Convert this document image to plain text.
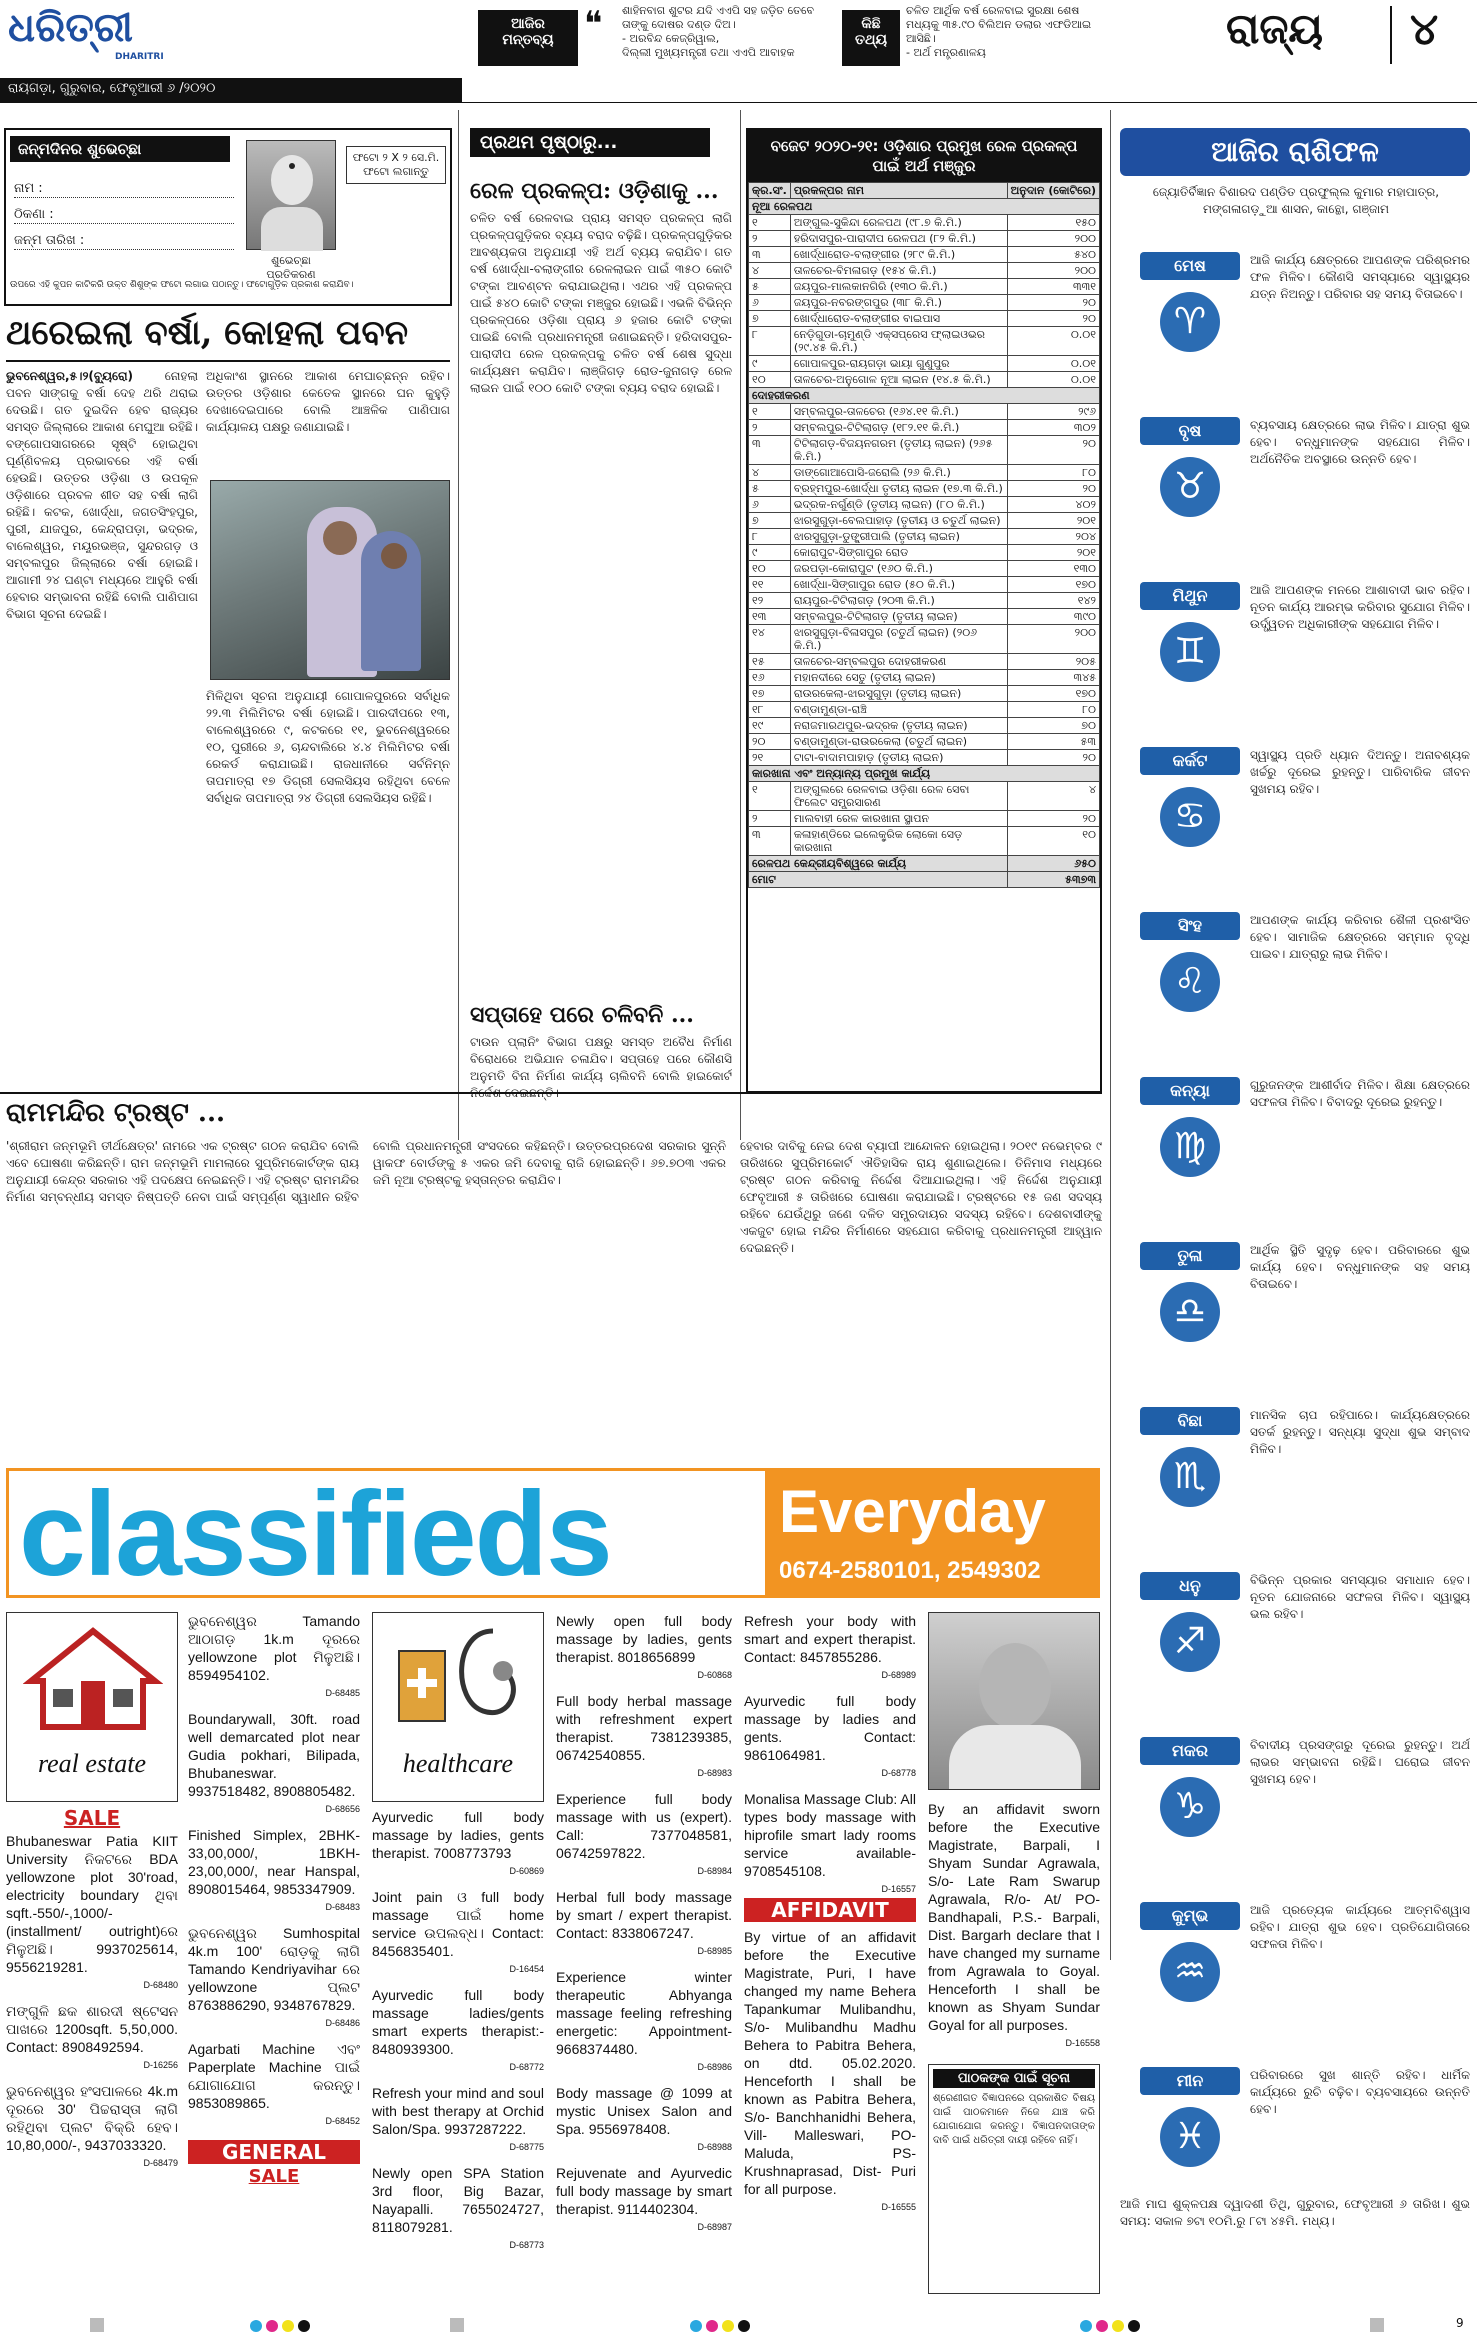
ଧରିତ୍ରୀ
DHARITRI
ଆଜିର ମନ୍ତବ୍ୟ ❝ ଶାହିନବାଗ ଶୁଟର ଯଦି ଏଏପି ସହ ଜଡ଼ିତ ତେବେ ତାଙ୍କୁ ଦୋଷର ଦଣ୍ଡ ଦିଅ।
- ଅରବିନ୍ଦ କେଜ୍ରିୱାଲ,
ଦିଲ୍ଲୀ ମୁଖ୍ୟମନ୍ତ୍ରୀ ତଥା ଏଏପି ଆବାହକ
କିଛି ତଥ୍ୟ
ଚଳିତ ଆର୍ଥିକ ବର୍ଷ ରେଳବାଇ ସୁରକ୍ଷା ଶେଷ ମଧ୍ୟକୁ ୩୫.୯୦ ବିଲିଅନ ଡଲାର ଏଫଡିଆଇ ଆସିଛି।
- ଅର୍ଥ ମନ୍ତ୍ରଣାଳୟ	ରାଜ୍ୟ ୪
ରାୟଗଡ଼ା, ଗୁରୁବାର, ଫେବୃଆରୀ ୬ /୨୦୨୦
ଜନ୍ମଦିନର ଶୁଭେଚ୍ଛା
ନାମ :
ଠିକଣା :
ଜନ୍ମ ତାରିଖ :
ଶୁଭେଚ୍ଛା ପ୍ରତିକରଣ
ଫଟୋ ୨ X ୨ ସେ.ମି. ଫଟୋ ଲଗାନ୍ତୁ
ଉପରେ ଏହି କୁପନ କାଟିକରି ଉକ୍ତ ଶିଶୁଙ୍କ ଫଟୋ ଲଗାଇ ପଠାନ୍ତୁ। ଫଟୋଗୁଡ଼ିକ ପ୍ରକାଶ କରାଯିବ।
ଥରେଇଲା ବର୍ଷା, କୋହଲା ପବନ
ଭୁବନେଶ୍ୱର,୫।୨(ବ୍ୟୁରୋ)	ନୋହଲା ପବନ ସାଙ୍ଗକୁ ବର୍ଷା ଦେହ ଥରି ଥରାଇ ଦେଉଛି। ଗତ ଦୁଇଦିନ ହେବ ରାଜ୍ୟର ସମସ୍ତ ଜିଲ୍ଲାରେ ଆକାଶ ମେଘୁଆ ରହିଛି। ବଙ୍ଗୋପସାଗରରେ ସୃଷ୍ଟି ହୋଇଥିବା ଘୂର୍ଣ୍ଣିବଳୟ ପ୍ରଭାବରେ ଏହି ବର୍ଷା ହେଉଛି। ଉତ୍ତର ଓଡ଼ିଶା ଓ ଉପକୂଳ ଓଡ଼ିଶାରେ ପ୍ରବଳ ଶୀତ ସହ ବର୍ଷା ଲାଗି ରହିଛି। କଟକ, ଖୋର୍ଦ୍ଧା, ଜଗତସିଂହପୁର, ପୁରୀ, ଯାଜପୁର, କେନ୍ଦ୍ରାପଡ଼ା, ଭଦ୍ରକ, ବାଲେଶ୍ୱର, ମୟୂରଭଞ୍ଜ, ସୁନ୍ଦରଗଡ଼ ଓ ସମ୍ବଲପୁର ଜିଲ୍ଲାରେ ବର୍ଷା ହୋଇଛି। ଆଗାମୀ ୨୪ ଘଣ୍ଟା ମଧ୍ୟରେ ଆହୁରି ବର୍ଷା ହେବାର ସମ୍ଭାବନା ରହିଛି ବୋଲି ପାଣିପାଗ ବିଭାଗ ସୂଚନା ଦେଇଛି।
ଅଧିକାଂଶ ସ୍ଥାନରେ ଆକାଶ ମେଘାଚ୍ଛନ୍ନ ରହିବ। ଉତ୍ତର ଓଡ଼ିଶାର କେତେକ ସ୍ଥାନରେ ଘନ କୁହୁଡ଼ି ଦେଖାଦେଇପାରେ ବୋଲି ଆଞ୍ଚଳିକ ପାଣିପାଗ କାର୍ଯ୍ୟାଳୟ ପକ୍ଷରୁ ଜଣାଯାଇଛି।
ମିଳିଥିବା ସୂଚନା ଅନୁଯାୟୀ ଗୋପାଳପୁରରେ ସର୍ବାଧିକ ୨୨.୩ ମିଲିମିଟର ବର୍ଷା ହୋଇଛି। ପାରଦୀପରେ ୧୩, ବାଲେଶ୍ୱରରେ ୯, କଟକରେ ୧୧, ଭୁବନେଶ୍ୱରରେ ୧୦, ପୁରୀରେ ୬, ଚାନ୍ଦବାଲିରେ ୪.୪ ମିଲିମିଟର ବର୍ଷା ରେକର୍ଡ କରାଯାଇଛି। ରାଜଧାନୀରେ ସର୍ବନିମ୍ନ ତାପମାତ୍ରା ୧୭ ଡିଗ୍ରୀ ସେଲସିୟସ ରହିଥିବା ବେଳେ ସର୍ବାଧିକ ତାପମାତ୍ରା ୨୪ ଡିଗ୍ରୀ ସେଲସିୟସ ରହିଛି।
ପ୍ରଥମ ପୃଷ୍ଠାରୁ...
ରେଳ ପ୍ରକଳ୍ପ: ଓଡ଼ିଶାକୁ ...
ଚଳିତ ବର୍ଷ ରେଳବାଇ ପ୍ରାୟ ସମସ୍ତ ପ୍ରକଳ୍ପ ଲାଗି ପ୍ରକଳ୍ପଗୁଡ଼ିକର ବ୍ୟୟ ବରାଦ ବଢ଼ିଛି। ପ୍ରକଳ୍ପଗୁଡ଼ିକର ଆବଶ୍ୟକତା ଅନୁଯାୟୀ ଏହି ଅର୍ଥ ବ୍ୟୟ କରାଯିବ। ଗତ ବର୍ଷ ଖୋର୍ଦ୍ଧା-ବଲାଙ୍ଗୀର ରେଳଲାଇନ ପାଇଁ ୩୫୦ କୋଟି ଟଙ୍କା ଆବଣ୍ଟନ କରାଯାଇଥିଲା। ଏଥର ଏହି ପ୍ରକଳ୍ପ ପାଇଁ ୫୪୦ କୋଟି ଟଙ୍କା ମଞ୍ଜୁର ହୋଇଛି। ଏଭଳି ବିଭିନ୍ନ ପ୍ରକଳ୍ପରେ ଓଡ଼ିଶା ପ୍ରାୟ ୬ ହଜାର କୋଟି ଟଙ୍କା ପାଇଛି ବୋଲି ପ୍ରଧାନମନ୍ତ୍ରୀ ଜଣାଇଛନ୍ତି। ହରିଦାସପୁର-ପାରାଦୀପ ରେଳ ପ୍ରକଳ୍ପକୁ ଚଳିତ ବର୍ଷ ଶେଷ ସୁଦ୍ଧା କାର୍ଯ୍ୟକ୍ଷମ କରାଯିବ। ଲାଞ୍ଜିଗଡ଼ ରୋଡ-ଜୁନାଗଡ଼ ରେଳ ଲାଇନ ପାଇଁ ୧୦୦ କୋଟି ଟଙ୍କା ବ୍ୟୟ ବରାଦ ହୋଇଛି।
ସପ୍ତାହେ ପରେ ଚଳିବନି ...
ଟାଉନ ପ୍ଲାନିଂ ବିଭାଗ ପକ୍ଷରୁ ସମସ୍ତ ଅବୈଧ ନିର୍ମାଣ ବିରୋଧରେ ଅଭିଯାନ ଚଳାଯିବ। ସପ୍ତାହେ ପରେ କୌଣସି ଅନୁମତି ବିନା ନିର୍ମାଣ କାର୍ଯ୍ୟ ଚାଲିବନି ବୋଲି ହାଇକୋର୍ଟ
ବଜେଟ ୨୦୨୦-୨୧: ଓଡ଼ିଶାର ପ୍ରମୁଖ ରେଳ ପ୍ରକଳ୍ପ ପାଇଁ ଅର୍ଥ ମଞ୍ଜୁର
କ୍ର.ସଂ.	ପ୍ରକଳ୍ପର ନାମ	ଅନୁଦାନ (କୋଟିରେ)
ନୂଆ ରେଳପଥ		
୧	ଅଙ୍ଗୁଲ-ସୁକିନ୍ଦା ରେଳପଥ (୯୮.୭ କି.ମି.)	୧୫୦
୨	ହରିଦାସପୁର-ପାରାଦୀପ ରେଳପଥ (୮୨ କି.ମି.)	୨୦୦
୩	ଖୋର୍ଦ୍ଧାରୋଡ-ବଲାଙ୍ଗୀର (୨୮୯ କି.ମି.)	୫୪୦
୪	ତାଳଚେର-ବିମଳାଗଡ଼ (୧୫୪ କି.ମି.)	୨୦୦
୫	ଜୟପୁର-ମାଲକାନଗିରି (୧୩୦ କି.ମି.)	୩୩୧
୬	ଜୟପୁର-ନବରଙ୍ଗପୁର (୩୮ କି.ମି.)	୨୦
୭	ଖୋର୍ଦ୍ଧାରୋଡ-ବଲାଙ୍ଗୀର ବାଇପାସ	୨୦
୮	ନେଡ଼ିଗୁଡା-ଚାମୁଣ୍ଡି ଏକ୍ସପ୍ରେସ ଫ୍ଲାଇଓଭର (୨୯.୪୫ କି.ମି.)	୦.୦୧
୯	ଗୋପାଳପୁର-ରାୟଗଡ଼ା ଭାୟା ଗୁଣୁପୁର	୦.୦୧
୧୦	ତାଳଚେର-ଅନୁଗୋଳ ନୂଆ ଲାଇନ (୧୪.୫ କି.ମି.)	୦.୦୧
ଦୋହରୀକରଣ		
୧	ସମ୍ବଲପୁର-ତାଳଚେର (୧୬୪.୧୧ କି.ମି.)	୨୯୬
୨	ସମ୍ବଲପୁର-ଟିଟିଲାଗଡ଼ (୧୮୨.୧୧ କି.ମି.)	୩୦୨
୩	ଟିଟିଲାଗଡ଼-ବିଜୟନଗରମ (ତୃତୀୟ ଲାଇନ) (୨୬୫ କି.ମି.)	୨୦
୪	ଡାଙ୍ଗୋଆପୋସି-ଜରୋଲି (୨୬ କି.ମି.)	୮୦
୫	ବ୍ରହ୍ମପୁର-ଖୋର୍ଦ୍ଧା ତୃତୀୟ ଲାଇନ (୧୭.୩ କି.ମି.)	୨୦
୬	ଭଦ୍ରକ-ନର୍ଗୁଣ୍ଡି (ତୃତୀୟ ଲାଇନ) (୮୦ କି.ମି.)	୪୦୨
୭	ଝାରସୁଗୁଡ଼ା-ବେଲପାହାଡ଼ (ତୃତୀୟ ଓ ଚତୁର୍ଥ ଲାଇନ)	୨୦୧
୮	ଝାରସୁଗୁଡ଼ା-ଡୁଙ୍ଗ୍ରୀପାଲି (ତୃତୀୟ ଲାଇନ)	୨୦୪
୯	କୋରାପୁଟ-ସିଙ୍ଗାପୁର ରୋଡ	୨୦୧
୧୦	ଜରପଡ଼ା-କୋରାପୁଟ (୧୬୦ କି.ମି.)	୧୩୦
୧୧	ଖୋର୍ଦ୍ଧା-ସିଙ୍ଗାପୁର ରୋଡ (୫୦ କି.ମି.)	୧୭୦
୧୨	ରାୟପୁର-ଟିଟିଲାଗଡ଼ (୨୦୩ କି.ମି.)	୧୪୨
୧୩	ସମ୍ବଲପୁର-ଟିଟିଲାଗଡ଼ (ତୃତୀୟ ଲାଇନ)	୩୯୦
୧୪	ଝାରସୁଗୁଡ଼ା-ବିଳାସପୁର (ଚତୁର୍ଥ ଲାଇନ) (୨୦୬ କି.ମି.)	୨୦୦
୧୫	ତାଳଚେର-ସମ୍ବଲପୁର ଦୋହରୀକରଣ	୨୦୫
୧୬	ମହାନଦୀରେ ସେତୁ (ତୃତୀୟ ଲାଇନ)	୩୪୫
୧୭	ରାଉରକେଲା-ଝାରସୁଗୁଡ଼ା (ତୃତୀୟ ଲାଇନ)	୧୭୦
୧୮	ବଣ୍ଡାମୁଣ୍ଡା-ରାଞ୍ଚି	୮୦
୧୯	ନରାଜମାରଥପୁର-ଭଦ୍ରକ (ତୃତୀୟ ଲାଇନ)	୭୦
୨୦	ବଣ୍ଡାମୁଣ୍ଡା-ରାଉରକେଲା (ଚତୁର୍ଥ ଲାଇନ)	୫୩
୨୧	ଟାଟା-ବାଦାମପାହାଡ଼ (ତୃତୀୟ ଲାଇନ)	୨୦
କାରଖାନା ଏବଂ ଅନ୍ୟାନ୍ୟ ପ୍ରମୁଖ କାର୍ଯ୍ୟ		
୧	ଅଙ୍ଗୁଲରେ ରେଳବାଇ ଓଡ଼ିଶା ରେଳ ସେବା ଫିଲେଟ ସମ୍ପ୍ରସାରଣ	୪
୨	ମାଲବାହୀ ରେଳ କାରଖାନା ସ୍ଥାପନ	୨୦
୩	କଳାହାଣ୍ଡିରେ ଇଲେକ୍ଟ୍ରିକ ଲୋକୋ ସେଡ଼ କାରଖାନା	୧୦
ରେଳପଥ କେନ୍ଦ୍ରୀୟବିଶ୍ୱରେ କାର୍ଯ୍ୟ		୬୫୦
ମୋଟ		୫୩୭୩
ଆଜିର ରାଶିଫଳ
ଜ୍ୟୋତିର୍ବିଜ୍ଞାନ ବିଶାରଦ ପଣ୍ଡିତ ପ୍ରଫୁଲ୍ଲ କୁମାର ମହାପାତ୍ର, ମଙ୍ଗଳାଗଡ଼ୁଆ ଶାସନ, କାନ୍ଥୋ, ଗଞ୍ଜାମ
ମେଷ
♈
ଆଜି କାର୍ଯ୍ୟ କ୍ଷେତ୍ରରେ ଆପଣଙ୍କ ପରିଶ୍ରମର ଫଳ ମିଳିବ। କୌଣସି ସମସ୍ୟାରେ ସ୍ୱାସ୍ଥ୍ୟର ଯତ୍ନ ନିଅନ୍ତୁ। ପରିବାର ସହ ସମୟ ବିତାଇବେ।
ବୃଷ
♉
ବ୍ୟବସାୟ କ୍ଷେତ୍ରରେ ଲାଭ ମିଳିବ। ଯାତ୍ରା ଶୁଭ ହେବ। ବନ୍ଧୁମାନଙ୍କ ସହଯୋଗ ମିଳିବ। ଅର୍ଥନୈତିକ ଅବସ୍ଥାରେ ଉନ୍ନତି ହେବ।
ମିଥୁନ
♊
ଆଜି ଆପଣଙ୍କ ମନରେ ଆଶାବାଦୀ ଭାବ ରହିବ। ନୂତନ କାର୍ଯ୍ୟ ଆରମ୍ଭ କରିବାର ସୁଯୋଗ ମିଳିବ। ଉର୍ଦ୍ଧ୍ୱତନ ଅଧିକାରୀଙ୍କ ସହଯୋଗ ମିଳିବ।
କର୍କଟ
♋
ସ୍ୱାସ୍ଥ୍ୟ ପ୍ରତି ଧ୍ୟାନ ଦିଅନ୍ତୁ। ଅନାବଶ୍ୟକ ଖର୍ଚ୍ଚରୁ ଦୂରେଇ ରୁହନ୍ତୁ। ପାରିବାରିକ ଜୀବନ ସୁଖମୟ ରହିବ।
ସିଂହ
♌
ଆପଣଙ୍କ କାର୍ଯ୍ୟ କରିବାର ଶୈଳୀ ପ୍ରଶଂସିତ ହେବ। ସାମାଜିକ କ୍ଷେତ୍ରରେ ସମ୍ମାନ ବୃଦ୍ଧି ପାଇବ। ଯାତ୍ରାରୁ ଲାଭ ମିଳିବ।
କନ୍ୟା
♍
ଗୁରୁଜନଙ୍କ ଆଶୀର୍ବାଦ ମିଳିବ। ଶିକ୍ଷା କ୍ଷେତ୍ରରେ ସଫଳତା ମିଳିବ। ବିବାଦରୁ ଦୂରେଇ ରୁହନ୍ତୁ।
ତୁଳା
♎
ଆର୍ଥିକ ସ୍ଥିତି ସୁଦୃଢ଼ ହେବ। ପରିବାରରେ ଶୁଭ କାର୍ଯ୍ୟ ହେବ। ବନ୍ଧୁମାନଙ୍କ ସହ ସମୟ ବିତାଇବେ।
ବିଛା
♏
ମାନସିକ ଚାପ ରହିପାରେ। କାର୍ଯ୍ୟକ୍ଷେତ୍ରରେ ସତର୍କ ରୁହନ୍ତୁ। ସନ୍ଧ୍ୟା ସୁଦ୍ଧା ଶୁଭ ସମ୍ବାଦ ମିଳିବ।
ଧନୁ
♐
ବିଭିନ୍ନ ପ୍ରକାର ସମସ୍ୟାର ସମାଧାନ ହେବ। ନୂତନ ଯୋଜନାରେ ସଫଳତା ମିଳିବ। ସ୍ୱାସ୍ଥ୍ୟ ଭଲ ରହିବ।
ମକର
♑
ବିବାଦୀୟ ପ୍ରସଙ୍ଗରୁ ଦୂରେଇ ରୁହନ୍ତୁ। ଅର୍ଥ ଲାଭର ସମ୍ଭାବନା ରହିଛି। ଘରୋଇ ଜୀବନ ସୁଖମୟ ହେବ।
କୁମ୍ଭ
♒
ଆଜି ପ୍ରତ୍ୟେକ କାର୍ଯ୍ୟରେ ଆତ୍ମବିଶ୍ୱାସ ରହିବ। ଯାତ୍ରା ଶୁଭ ହେବ। ପ୍ରତିଯୋଗିତାରେ ସଫଳତା ମିଳିବ।
ମୀନ
♓
ପରିବାରରେ ସୁଖ ଶାନ୍ତି ରହିବ। ଧାର୍ମିକ କାର୍ଯ୍ୟରେ ରୁଚି ବଢ଼ିବ। ବ୍ୟବସାୟରେ ଉନ୍ନତି ହେବ।
ଆଜି ମାଘ ଶୁକ୍ଳପକ୍ଷ ଦ୍ୱାଦଶୀ ତିଥି, ଗୁରୁବାର, ଫେବୃଆରୀ ୬ ତାରିଖ। ଶୁଭ ସମୟ: ସକାଳ ୭ଟା ୧୦ମି.ରୁ ୮ଟା ୪୫ମି. ମଧ୍ୟ।
ରାମମନ୍ଦିର ଟ୍ରଷ୍ଟ ...
'ଶ୍ରୀରାମ ଜନ୍ମଭୂମି ତୀର୍ଥକ୍ଷେତ୍ର' ନାମରେ ଏକ ଟ୍ରଷ୍ଟ ଗଠନ କରାଯିବ ବୋଲି ଏବେ ଘୋଷଣା କରିଛନ୍ତି। ରାମ ଜନ୍ମଭୂମି ମାମଲାରେ ସୁପ୍ରିମକୋର୍ଟଙ୍କ ରାୟ ଅନୁଯାୟୀ କେନ୍ଦ୍ର ସରକାର ଏହି ପଦକ୍ଷେପ ନେଇଛନ୍ତି। ଏହି ଟ୍ରଷ୍ଟ ରାମମନ୍ଦିର ନିର୍ମାଣ ସମ୍ବନ୍ଧୀୟ ସମସ୍ତ ନିଷ୍ପତ୍ତି ନେବା ପାଇଁ ସମ୍ପୂର୍ଣ୍ଣ ସ୍ୱାଧୀନ ରହିବ ବୋଲି ପ୍ରଧାନମନ୍ତ୍ରୀ ସଂସଦରେ କହିଛନ୍ତି। ଉତ୍ତରପ୍ରଦେଶ ସରକାର ସୁନ୍ନି ୱାକଫ ବୋର୍ଡଙ୍କୁ ୫ ଏକର ଜମି ଦେବାକୁ ରାଜି ହୋଇଛନ୍ତି। ୬୭.୭୦୩ ଏକର ଜମି ନୂଆ ଟ୍ରଷ୍ଟକୁ ହସ୍ତାନ୍ତର କରାଯିବ।
ହେବାର ଦାବିକୁ ନେଇ ଦେଶ ବ୍ୟାପୀ ଆନ୍ଦୋଳନ ହୋଇଥିଲା। ୨୦୧୯ ନଭେମ୍ବର ୯ ତାରିଖରେ ସୁପ୍ରିମକୋର୍ଟ ଐତିହାସିକ ରାୟ ଶୁଣାଇଥିଲେ। ତିନିମାସ ମଧ୍ୟରେ ଟ୍ରଷ୍ଟ ଗଠନ କରିବାକୁ ନିର୍ଦ୍ଦେଶ ଦିଆଯାଇଥିଲା। ଏହି ନିର୍ଦ୍ଦେଶ ଅନୁଯାୟୀ ଫେବୃଆରୀ ୫ ତାରିଖରେ ଘୋଷଣା କରାଯାଇଛି। ଟ୍ରଷ୍ଟରେ ୧୫ ଜଣ ସଦସ୍ୟ ରହିବେ ଯେଉଁଥିରୁ ଜଣେ ଦଳିତ ସମ୍ପ୍ରଦାୟର ସଦସ୍ୟ ରହିବେ। ଦେଶବାସୀଙ୍କୁ ଏକଜୁଟ ହୋଇ ମନ୍ଦିର ନିର୍ମାଣରେ ସହଯୋଗ କରିବାକୁ ପ୍ରଧାନମନ୍ତ୍ରୀ ଆହ୍ୱାନ ଦେଇଛନ୍ତି।
classifieds	Everyday
0674-2580101, 2549302
real estate
SALE
healthcare
Bhubaneswar Patia KIIT University ନିକଟରେ BDA yellowzone plot 30'road, electricity boundary ଥିବା sqft.-550/-,1000/-(installment/ outright)ରେ ମିଳୁଅଛି। 9937025614, 9556219281.
D-68480
ମଙ୍ଗୁଳି ଛକ ଶାରଦୀ ଷ୍ଟେସନ ପାଖରେ 1200sqft. 5,50,000. Contact: 8908492594.
D-16256
ଭୁବନେଶ୍ୱର ହଂସପାଳରେ 4k.m ଦୂରରେ 30' ପିଚ୍ଚରାସ୍ତା ଲାଗି ରହିଥିବା ପ୍ଲଟ ବିକ୍ରି ହେବ। 10,80,000/-, 9437033320.
D-68479
ଭୁବନେଶ୍ୱର Tamando ଆଠାଗଡ଼ 1k.m ଦୂରରେ yellowzone plot ମିଳୁଅଛି। 8594954102.
D-68485
Boundarywall, 30ft. road well demarcated plot near Gudia pokhari, Bilipada, Bhubaneswar. 9937518482, 8908805482.
D-68656
Finished Simplex, 2BHK- 33,00,000/, 1BKH- 23,00,000/, near Hanspal, 8908015464, 9853347909.
D-68483
ଭୁବନେଶ୍ୱର Sumhospital 4k.m 100' ରୋଡ଼କୁ ଲାଗି Tamando Kendriyavihar ରେ yellowzone ପ୍ଲଟ 8763886290, 9348767829.
D-68486
Agarbati Machine ଏବଂ Paperplate Machine ପାଇଁ ଯୋଗାଯୋଗ କରନ୍ତୁ। 9853089865.
D-68452
GENERAL
SALE
Ayurvedic full body massage by ladies, gents therapist. 7008773793
D-60869
Joint pain ଓ full body massage ପାଇଁ home service ଉପଲବ୍ଧ। Contact: 8456835401.
D-16454
Ayurvedic full body massage ladies/gents smart experts therapist:- 8480939300.
D-68772
Refresh your mind and soul with best therapy at Orchid Salon/Spa. 9937287222.
D-68775
Newly open SPA Station 3rd floor, Big Bazar, Nayapalli. 7655024727, 8118079281.
D-68773
Newly open full body massage by ladies, gents therapist. 8018656899
D-60868
Full body herbal massage with refreshment expert therapist. 7381239385, 06742540855.
D-68983
Experience full body massage with us (expert). Call: 7377048581, 06742597822.
D-68984
Herbal full body massage by smart / expert therapist. Contact: 8338067247.
D-68985
Experience winter therapeutic Abhyanga massage feeling refreshing energetic: Appointment- 9668374480.
D-68986
Body massage @ 1099 at mystic Unisex Salon and Spa. 9556978408.
D-68988
Rejuvenate and Ayurvedic full body massage by smart therapist. 9114402304.
D-68987
Refresh your body with smart and expert therapist. Contact: 8457855286.
D-68989
Ayurvedic full body massage by ladies and gents. Contact: 9861064981.
D-68778
Monalisa Massage Club: All types body massage with hiprofile smart lady rooms service available- 9708545108.
D-16557
By virtue of an affidavit before the Executive Magistrate, Puri, I have changed my name Behera Tapankumar Mulibandhu, S/o- Mulibandhu Madhu Behera to Pabitra Behera, on dtd. 05.02.2020. Henceforth I shall be known as Pabitra Behera, S/o- Banchhanidhi Behera, Vill- Malleswari, PO- Maluda, PS- Krushnaprasad, Dist- Puri for all purpose.
D-16555
AFFIDAVIT
By an affidavit sworn before the Executive Magistrate, Barpali, I Shyam Sundar Agrawala, S/o- Late Ram Swarup Agrawala, R/o- At/ PO-Bandhapali, P.S.- Barpali, Dist. Bargarh declare that I have changed my surname from Agrawala to Goyal. Henceforth I shall be known as Shyam Sundar Goyal for all purposes.
D-16558
ପାଠକଙ୍କ ପାଇଁ ସୂଚନା
ଶ୍ରେଣୀଗତ ବିଜ୍ଞାପନରେ ପ୍ରକାଶିତ ବିଷୟ ପାଇଁ ପାଠକମାନେ ନିଜେ ଯାଞ୍ଚ କରି ଯୋଗାଯୋଗ କରନ୍ତୁ। ବିଜ୍ଞାପନଦାତାଙ୍କ ଦାବି ପାଇଁ ଧରିତ୍ରୀ ଦାୟୀ ରହିବେ ନାହିଁ।
9
